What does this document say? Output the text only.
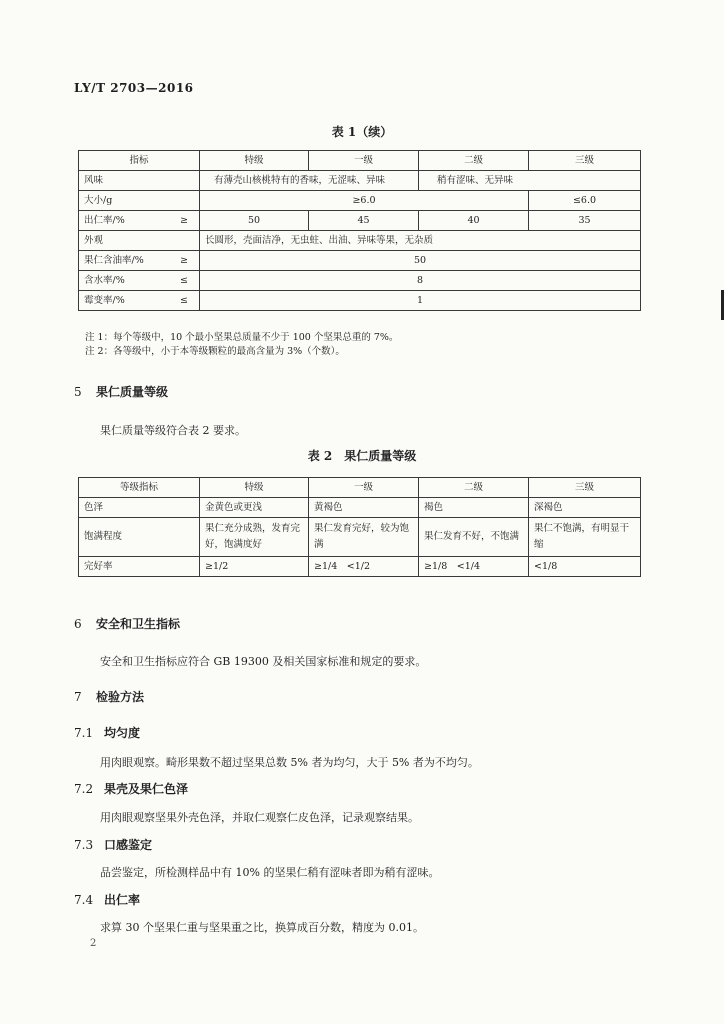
LY/T 2703—2016
表 1（续）
指标	特级	一级	二级	三级
风味	有薄壳山核桃特有的香味，无涩味、异味		稍有涩味、无异味	
大小/g	≥6.0			≤6.0
出仁率/% ≥	50	45	40	35
外观	长圆形，壳面洁净，无虫蛀、出油、异味等果，无杂质			
果仁含油率/% ≥	50			
含水率/% ≤	8			
霉变率/% ≤	1			
注 1：每个等级中，10 个最小坚果总质量不少于 100 个坚果总重的 7%。
注 2：各等级中，小于本等级颗粒的最高含量为 3%（个数）。
5 果仁质量等级
果仁质量等级符合表 2 要求。
表 2　果仁质量等级
等级指标	特级	一级	二级	三级
色泽	金黄色或更浅	黄褐色	褐色	深褐色
饱满程度	果仁充分成熟，发育完好，饱满度好	果仁发育完好，较为饱满	果仁发育不好，不饱满	果仁不饱满，有明显干缩
完好率	≥1/2	≥1/4　<1/2	≥1/8　<1/4	<1/8
6 安全和卫生指标
安全和卫生指标应符合 GB 19300 及相关国家标准和规定的要求。
7 检验方法
7.1 均匀度
用肉眼观察。畸形果数不超过坚果总数 5% 者为均匀，大于 5% 者为不均匀。
7.2 果壳及果仁色泽
用肉眼观察坚果外壳色泽，并取仁观察仁皮色泽，记录观察结果。
7.3 口感鉴定
品尝鉴定，所检测样品中有 10% 的坚果仁稍有涩味者即为稍有涩味。
7.4 出仁率
求算 30 个坚果仁重与坚果重之比，换算成百分数，精度为 0.01。
2
